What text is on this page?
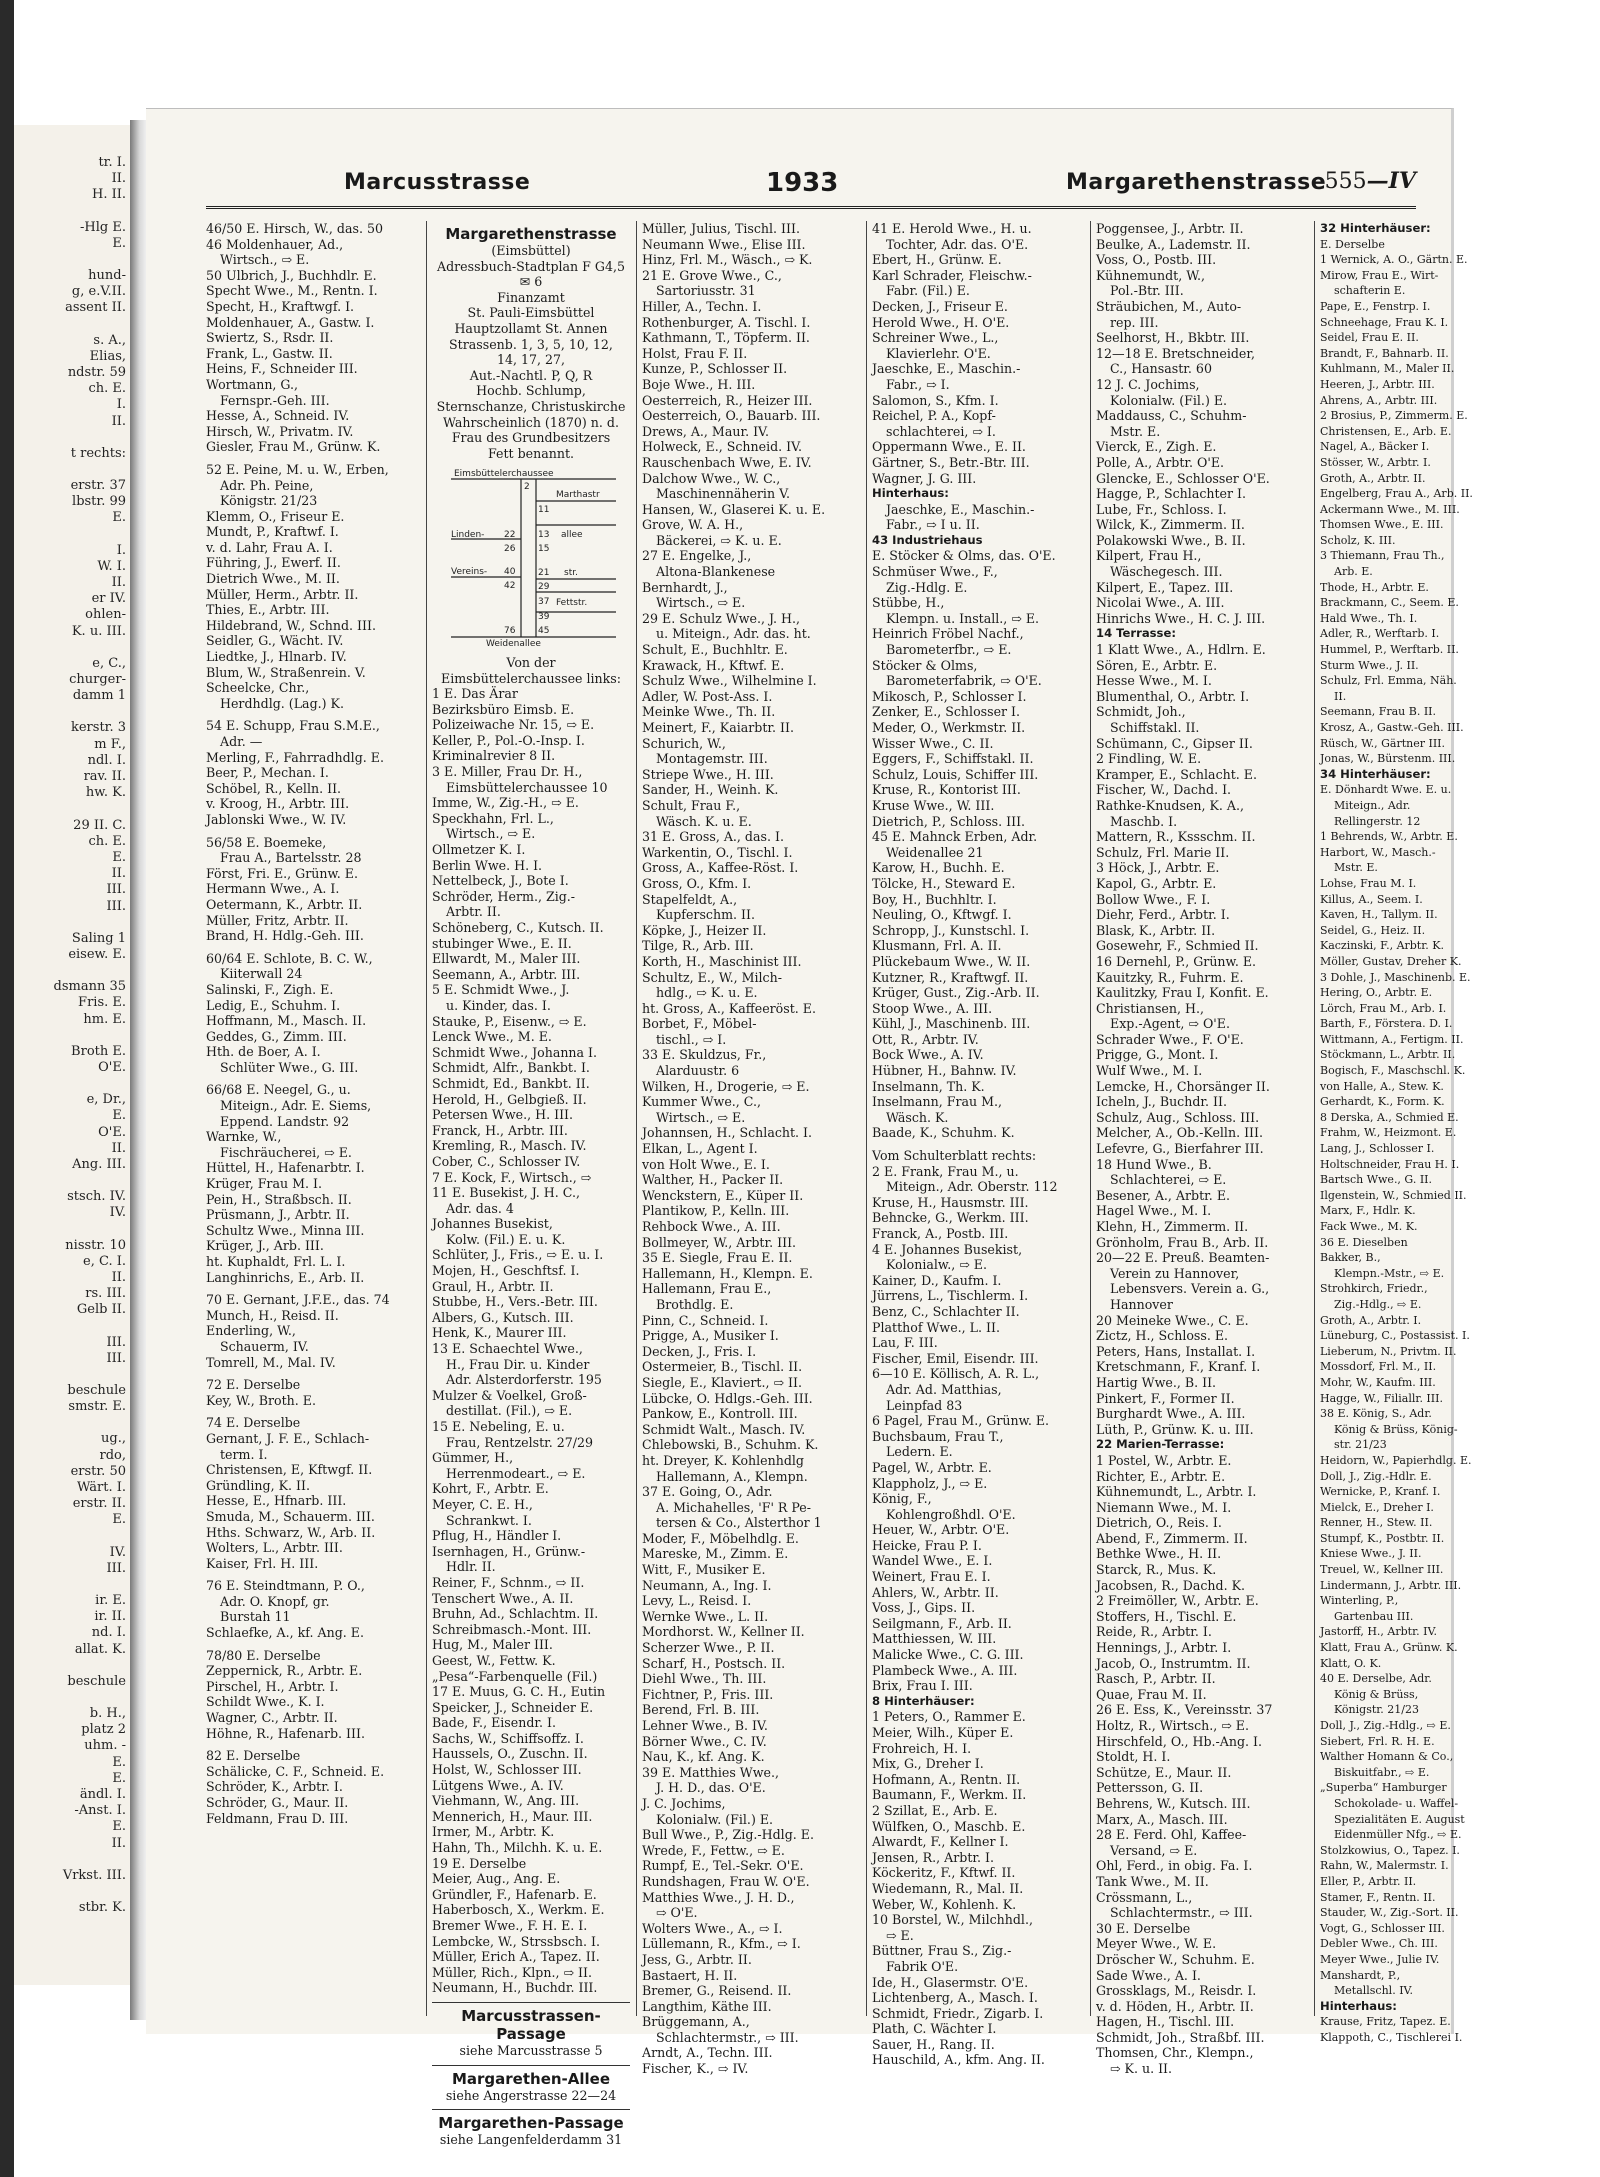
tr. I.
II.
H. II.
-Hlg E.
E.
hund-
g, e.V.II.
assent II.
s. A.,
Elias,
ndstr. 59
ch. E.
I.
II.
t rechts:
erstr. 37
lbstr. 99
E.
I.
W. I.
II.
er IV.
ohlen-
K. u. III.
e, C.,
churger-
damm 1
kerstr. 3
m F.,
ndl. I.
rav. II.
hw. K.
29 II. C.
ch. E.
E.
II.
III.
III.
Saling 1
eisew. E.
dsmann 35
Fris. E.
hm. E.
Broth E.
O'E.
e, Dr.,
E.
O'E.
II.
Ang. III.
stsch. IV.
IV.
nisstr. 10
e, C. I.
II.
rs. III.
Gelb II.
III.
III.
beschule
smstr. E.
ug.,
rdo,
erstr. 50
Wärt. I.
erstr. II.
E.
IV.
III.
ir. E.
ir. II.
nd. I.
allat. K.
beschule
b. H.,
platz 2
uhm. -
E.
E.
ändl. I.
-Anst. I.
E.
II.
Vrkst. III.
stbr. K.
Marcusstrasse	1933	Margarethenstrasse
555—IV
46/50 E. Hirsch, W., das. 50
46 Moldenhauer, Ad.,
Wirtsch., ⇨ E.
50 Ulbrich, J., Buchhdlr. E.
Specht Wwe., M., Rentn. I.
Specht, H., Kraftwgf. I.
Moldenhauer, A., Gastw. I.
Swiertz, S., Rsdr. II.
Frank, L., Gastw. II.
Heins, F., Schneider III.
Wortmann, G.,
Fernspr.-Geh. III.
Hesse, A., Schneid. IV.
Hirsch, W., Privatm. IV.
Giesler, Frau M., Grünw. K.
52 E. Peine, M. u. W., Erben,
Adr. Ph. Peine,
Königstr. 21/23
Klemm, O., Friseur E.
Mundt, P., Kraftwf. I.
v. d. Lahr, Frau A. I.
Führing, J., Ewerf. II.
Dietrich Wwe., M. II.
Müller, Herm., Arbtr. II.
Thies, E., Arbtr. III.
Hildebrand, W., Schnd. III.
Seidler, G., Wächt. IV.
Liedtke, J., Hlnarb. IV.
Blum, W., Straßenrein. V.
Scheelcke, Chr.,
Herdhdlg. (Lag.) K.
54 E. Schupp, Frau S.M.E.,
Adr. —
Merling, F., Fahrradhdlg. E.
Beer, P., Mechan. I.
Schöbel, R., Kelln. II.
v. Kroog, H., Arbtr. III.
Jablonski Wwe., W. IV.
56/58 E. Boemeke,
Frau A., Bartelsstr. 28
Först, Fri. E., Grünw. E.
Hermann Wwe., A. I.
Oetermann, K., Arbtr. II.
Müller, Fritz, Arbtr. II.
Brand, H. Hdlg.-Geh. III.
60/64 E. Schlote, B. C. W.,
Kiiterwall 24
Salinski, F., Zigh. E.
Ledig, E., Schuhm. I.
Hoffmann, M., Masch. II.
Geddes, G., Zimm. III.
Hth. de Boer, A. I.
Schlüter Wwe., G. III.
66/68 E. Neegel, G., u.
Miteign., Adr. E. Siems,
Eppend. Landstr. 92
Warnke, W.,
Fischräucherei, ⇨ E.
Hüttel, H., Hafenarbtr. I.
Krüger, Frau M. I.
Pein, H., Straßbsch. II.
Prüsmann, J., Arbtr. II.
Schultz Wwe., Minna III.
Krüger, J., Arb. III.
ht. Kuphaldt, Frl. L. I.
Langhinrichs, E., Arb. II.
70 E. Gernant, J.F.E., das. 74
Munch, H., Reisd. II.
Enderling, W.,
Schauerm, IV.
Tomrell, M., Mal. IV.
72 E. Derselbe
Key, W., Broth. E.
74 E. Derselbe
Gernant, J. F. E., Schlach-
term. I.
Christensen, E, Kftwgf. II.
Gründling, K. II.
Hesse, E., Hfnarb. III.
Smuda, M., Schauerm. III.
Hths. Schwarz, W., Arb. II.
Wolters, L., Arbtr. III.
Kaiser, Frl. H. III.
76 E. Steindtmann, P. O.,
Adr. O. Knopf, gr.
Burstah 11
Schlaefke, A., kf. Ang. E.
78/80 E. Derselbe
Zeppernick, R., Arbtr. E.
Pirschel, H., Arbtr. I.
Schildt Wwe., K. I.
Wagner, C., Arbtr. II.
Höhne, R., Hafenarb. III.
82 E. Derselbe
Schälicke, C. F., Schneid. E.
Schröder, K., Arbtr. I.
Schröder, G., Maur. II.
Feldmann, Frau D. III.
Margarethenstrasse
(Eimsbüttel)
Adressbuch-Stadtplan F G4,5
✉ 6
Finanzamt
St. Pauli-Eimsbüttel
Hauptzollamt St. Annen
Strassenb. 1, 3, 5, 10, 12,
14, 17, 27,
Aut.-Nachtl. P, Q, R
Hochb. Schlump,
Sternschanze, Christuskirche
Wahrscheinlich (1870) n. d.
Frau des Grundbesitzers
Fett benannt.
Eimsbüttelerchaussee
Marthastr
allee
str.
Fettstr.
Weidenallee
Linden-
Vereins-
2
11
13
15
21
29
37
39
45
22
26
40
42
76
Von der
Eimsbüttelerchaussee links:
1 E. Das Ärar
Bezirksbüro Eimsb. E.
Polizeiwache Nr. 15, ⇨ E.
Keller, P., Pol.-O.-Insp. I.
Kriminalrevier 8 II.
3 E. Miller, Frau Dr. H.,
Eimsbüttelerchaussee 10
Imme, W., Zig.-H., ⇨ E.
Speckhahn, Frl. L.,
Wirtsch., ⇨ E.
Ollmetzer K. I.
Berlin Wwe. H. I.
Nettelbeck, J., Bote I.
Schröder, Herm., Zig.-
Arbtr. II.
Schöneberg, C., Kutsch. II.
stubinger Wwe., E. II.
Ellwardt, M., Maler III.
Seemann, A., Arbtr. III.
5 E. Schmidt Wwe., J.
u. Kinder, das. I.
Stauke, P., Eisenw., ⇨ E.
Lenck Wwe., M. E.
Schmidt Wwe., Johanna I.
Schmidt, Alfr., Bankbt. I.
Schmidt, Ed., Bankbt. II.
Herold, H., Gelbgieß. II.
Petersen Wwe., H. III.
Franck, H., Arbtr. III.
Kremling, R., Masch. IV.
Cober, C., Schlosser IV.
7 E. Kock, F., Wirtsch., ⇨
11 E. Busekist, J. H. C.,
Adr. das. 4
Johannes Busekist,
Kolw. (Fil.) E. u. K.
Schlüter, J., Fris., ⇨ E. u. I.
Mojen, H., Geschftsf. I.
Graul, H., Arbtr. II.
Stubbe, H., Vers.-Betr. III.
Albers, G., Kutsch. III.
Henk, K., Maurer III.
13 E. Schaechtel Wwe.,
H., Frau Dir. u. Kinder
Adr. Alsterdorferstr. 195
Mulzer & Voelkel, Groß-
destillat. (Fil.), ⇨ E.
15 E. Nebeling, E. u.
Frau, Rentzelstr. 27/29
Gümmer, H.,
Herrenmodeart., ⇨ E.
Kohrt, F., Arbtr. E.
Meyer, C. E. H.,
Schrankwt. I.
Pflug, H., Händler I.
Isernhagen, H., Grünw.-
Hdlr. II.
Reiner, F., Schnm., ⇨ II.
Tenschert Wwe., A. II.
Bruhn, Ad., Schlachtm. II.
Schreibmasch.-Mont. III.
Hug, M., Maler III.
Geest, W., Fettw. K.
„Pesa“-Farbenquelle (Fil.)
17 E. Muus, G. C. H., Eutin
Speicker, J., Schneider E.
Bade, F., Eisendr. I.
Sachs, W., Schiffsoffz. I.
Haussels, O., Zuschn. II.
Holst, W., Schlosser III.
Lütgens Wwe., A. IV.
Viehmann, W., Ang. III.
Mennerich, H., Maur. III.
Irmer, M., Arbtr. K.
Hahn, Th., Milchh. K. u. E.
19 E. Derselbe
Meier, Aug., Ang. E.
Gründler, F., Hafenarb. E.
Haberbosch, X., Werkm. E.
Bremer Wwe., F. H. E. I.
Lembcke, W., Strssbsch. I.
Müller, Erich A., Tapez. II.
Müller, Rich., Klpn., ⇨ II.
Neumann, H., Buchdr. III.
Marcusstrassen-Passage
siehe Marcusstrasse 5
Margarethen-Allee
siehe Angerstrasse 22—24
Margarethen-Passage
siehe Langenfelderdamm 31
Müller, Julius, Tischl. III.
Neumann Wwe., Elise III.
Hinz, Frl. M., Wäsch., ⇨ K.
21 E. Grove Wwe., C.,
Sartoriusstr. 31
Hiller, A., Techn. I.
Rothenburger, A. Tischl. I.
Kathmann, T., Töpferm. II.
Holst, Frau F. II.
Kunze, P., Schlosser II.
Boje Wwe., H. III.
Oesterreich, R., Heizer III.
Oesterreich, O., Bauarb. III.
Drews, A., Maur. IV.
Holweck, E., Schneid. IV.
Rauschenbach Wwe, E. IV.
Dalchow Wwe., W. C.,
Maschinennäherin V.
Hansen, W., Glaserei K. u. E.
Grove, W. A. H.,
Bäckerei, ⇨ K. u. E.
27 E. Engelke, J.,
Altona-Blankenese
Bernhardt, J.,
Wirtsch., ⇨ E.
29 E. Schulz Wwe., J. H.,
u. Miteign., Adr. das. ht.
Schult, E., Buchhltr. E.
Krawack, H., Kftwf. E.
Schulz Wwe., Wilhelmine I.
Adler, W. Post-Ass. I.
Meinke Wwe., Th. II.
Meinert, F., Kaiarbtr. II.
Schurich, W.,
Montagemstr. III.
Striepe Wwe., H. III.
Sander, H., Weinh. K.
Schult, Frau F.,
Wäsch. K. u. E.
31 E. Gross, A., das. I.
Warkentin, O., Tischl. I.
Gross, A., Kaffee-Röst. I.
Gross, O., Kfm. I.
Stapelfeldt, A.,
Kupferschm. II.
Köpke, J., Heizer II.
Tilge, R., Arb. III.
Korth, H., Maschinist III.
Schultz, E., W., Milch-
hdlg., ⇨ K. u. E.
ht. Gross, A., Kaffeeröst. E.
Borbet, F., Möbel-
tischl., ⇨ I.
33 E. Skuldzus, Fr.,
Alarduustr. 6
Wilken, H., Drogerie, ⇨ E.
Kummer Wwe., C.,
Wirtsch., ⇨ E.
Johannsen, H., Schlacht. I.
Elkan, L., Agent I.
von Holt Wwe., E. I.
Walther, H., Packer II.
Wenckstern, E., Küper II.
Plantikow, P., Kelln. III.
Rehbock Wwe., A. III.
Bollmeyer, W., Arbtr. III.
35 E. Siegle, Frau E. II.
Hallemann, H., Klempn. E.
Hallemann, Frau E.,
Brothdlg. E.
Pinn, C., Schneid. I.
Prigge, A., Musiker I.
Decken, J., Fris. I.
Ostermeier, B., Tischl. II.
Siegle, E., Klaviert., ⇨ II.
Lübcke, O. Hdlgs.-Geh. III.
Pankow, E., Kontroll. III.
Schmidt Walt., Masch. IV.
Chlebowski, B., Schuhm. K.
ht. Dreyer, K. Kohlenhdlg
Hallemann, A., Klempn.
37 E. Going, O., Adr.
A. Michahelles, 'F' R Pe-
tersen & Co., Alsterthor 1
Moder, F., Möbelhdlg. E.
Mareske, M., Zimm. E.
Witt, F., Musiker E.
Neumann, A., Ing. I.
Levy, L., Reisd. I.
Wernke Wwe., L. II.
Mordhorst. W., Kellner II.
Scherzer Wwe., P. II.
Scharf, H., Postsch. II.
Diehl Wwe., Th. III.
Fichtner, P., Fris. III.
Berend, Frl. B. III.
Lehner Wwe., B. IV.
Börner Wwe., C. IV.
Nau, K., kf. Ang. K.
39 E. Matthies Wwe.,
J. H. D., das. O'E.
J. C. Jochims,
Kolonialw. (Fil.) E.
Bull Wwe., P., Zig.-Hdlg. E.
Wrede, F., Fettw., ⇨ E.
Rumpf, E., Tel.-Sekr. O'E.
Rundshagen, Frau W. O'E.
Matthies Wwe., J. H. D.,
⇨ O'E.
Wolters Wwe., A., ⇨ I.
Lüllemann, R., Kfm., ⇨ I.
Jess, G., Arbtr. II.
Bastaert, H. II.
Bremer, G., Reisend. II.
Langthim, Käthe III.
Brüggemann, A.,
Schlachtermstr., ⇨ III.
Arndt, A., Techn. III.
Fischer, K., ⇨ IV.
41 E. Herold Wwe., H. u.
Tochter, Adr. das. O'E.
Ebert, H., Grünw. E.
Karl Schrader, Fleischw.-
Fabr. (Fil.) E.
Decken, J., Friseur E.
Herold Wwe., H. O'E.
Schreiner Wwe., L.,
Klavierlehr. O'E.
Jaeschke, E., Maschin.-
Fabr., ⇨ I.
Salomon, S., Kfm. I.
Reichel, P. A., Kopf-
schlachterei, ⇨ I.
Oppermann Wwe., E. II.
Gärtner, S., Betr.-Btr. III.
Wagner, J. G. III.
Hinterhaus:
Jaeschke, E., Maschin.-
Fabr., ⇨ I u. II.
43 Industriehaus
E. Stöcker & Olms, das. O'E.
Schmüser Wwe., F.,
Zig.-Hdlg. E.
Stübbe, H.,
Klempn. u. Install., ⇨ E.
Heinrich Fröbel Nachf.,
Barometerfbr., ⇨ E.
Stöcker & Olms,
Barometerfabrik, ⇨ O'E.
Mikosch, P., Schlosser I.
Zenker, E., Schlosser I.
Meder, O., Werkmstr. II.
Wisser Wwe., C. II.
Eggers, F., Schiffstakl. II.
Schulz, Louis, Schiffer III.
Kruse, R., Kontorist III.
Kruse Wwe., W. III.
Dietrich, P., Schloss. III.
45 E. Mahnck Erben, Adr.
Weidenallee 21
Karow, H., Buchh. E.
Tölcke, H., Steward E.
Boy, H., Buchhltr. I.
Neuling, O., Kftwgf. I.
Schropp, J., Kunstschl. I.
Klusmann, Frl. A. II.
Plückebaum Wwe., W. II.
Kutzner, R., Kraftwgf. II.
Krüger, Gust., Zig.-Arb. II.
Stoop Wwe., A. III.
Kühl, J., Maschinenb. III.
Ott, R., Arbtr. IV.
Bock Wwe., A. IV.
Hübner, H., Bahnw. IV.
Inselmann, Th. K.
Inselmann, Frau M.,
Wäsch. K.
Baade, K., Schuhm. K.
Vom Schulterblatt rechts:
2 E. Frank, Frau M., u.
Miteign., Adr. Oberstr. 112
Kruse, H., Hausmstr. III.
Behncke, G., Werkm. III.
Franck, A., Postb. III.
4 E. Johannes Busekist,
Kolonialw., ⇨ E.
Kainer, D., Kaufm. I.
Jürrens, L., Tischlerm. I.
Benz, C., Schlachter II.
Platthof Wwe., L. II.
Lau, F. III.
Fischer, Emil, Eisendr. III.
6—10 E. Köllisch, A. R. L.,
Adr. Ad. Matthias,
Leinpfad 83
6 Pagel, Frau M., Grünw. E.
Buchsbaum, Frau T.,
Ledern. E.
Pagel, W., Arbtr. E.
Klappholz, J., ⇨ E.
König, F.,
Kohlengroßhdl. O'E.
Heuer, W., Arbtr. O'E.
Heicke, Frau P. I.
Wandel Wwe., E. I.
Weinert, Frau E. I.
Ahlers, W., Arbtr. II.
Voss, J., Gips. II.
Seilgmann, F., Arb. II.
Matthiessen, W. III.
Malicke Wwe., C. G. III.
Plambeck Wwe., A. III.
Brix, Frau I. III.
8 Hinterhäuser:
1 Peters, O., Rammer E.
Meier, Wilh., Küper E.
Frohreich, H. I.
Mix, G., Dreher I.
Hofmann, A., Rentn. II.
Baumann, F., Werkm. II.
2 Szillat, E., Arb. E.
Wülfken, O., Maschb. E.
Alwardt, F., Kellner I.
Jensen, R., Arbtr. I.
Köckeritz, F., Kftwf. II.
Wiedemann, R., Mal. II.
Weber, W., Kohlenh. K.
10 Borstel, W., Milchhdl.,
⇨ E.
Büttner, Frau S., Zig.-
Fabrik O'E.
Ide, H., Glasermstr. O'E.
Lichtenberg, A., Masch. I.
Schmidt, Friedr., Zigarb. I.
Plath, C. Wächter I.
Sauer, H., Rang. II.
Hauschild, A., kfm. Ang. II.
Poggensee, J., Arbtr. II.
Beulke, A., Lademstr. II.
Voss, O., Postb. III.
Kühnemundt, W.,
Pol.-Btr. III.
Sträubichen, M., Auto-
rep. III.
Seelhorst, H., Bkbtr. III.
12—18 E. Bretschneider,
C., Hansastr. 60
12 J. C. Jochims,
Kolonialw. (Fil.) E.
Maddauss, C., Schuhm-
Mstr. E.
Vierck, E., Zigh. E.
Polle, A., Arbtr. O'E.
Glencke, E., Schlosser O'E.
Hagge, P., Schlachter I.
Lube, Fr., Schloss. I.
Wilck, K., Zimmerm. II.
Polakowski Wwe., B. II.
Kilpert, Frau H.,
Wäschegesch. III.
Kilpert, E., Tapez. III.
Nicolai Wwe., A. III.
Hinrichs Wwe., H. C. J. III.
14 Terrasse:
1 Klatt Wwe., A., Hdlrn. E.
Sören, E., Arbtr. E.
Hesse Wwe., M. I.
Blumenthal, O., Arbtr. I.
Schmidt, Joh.,
Schiffstakl. II.
Schümann, C., Gipser II.
2 Findling, W. E.
Kramper, E., Schlacht. E.
Fischer, W., Dachd. I.
Rathke-Knudsen, K. A.,
Maschb. I.
Mattern, R., Kssschm. II.
Schulz, Frl. Marie II.
3 Höck, J., Arbtr. E.
Kapol, G., Arbtr. E.
Bollow Wwe., F. I.
Diehr, Ferd., Arbtr. I.
Blask, K., Arbtr. II.
Gosewehr, F., Schmied II.
16 Dernehl, P., Grünw. E.
Kauitzky, R., Fuhrm. E.
Kaulitzky, Frau I, Konfit. E.
Christiansen, H.,
Exp.-Agent, ⇨ O'E.
Schrader Wwe., F. O'E.
Prigge, G., Mont. I.
Wulf Wwe., M. I.
Lemcke, H., Chorsänger II.
Icheln, J., Buchdr. II.
Schulz, Aug., Schloss. III.
Melcher, A., Ob.-Kelln. III.
Lefevre, G., Bierfahrer III.
18 Hund Wwe., B.
Schlachterei, ⇨ E.
Besener, A., Arbtr. E.
Hagel Wwe., M. I.
Klehn, H., Zimmerm. II.
Grönholm, Frau B., Arb. II.
20—22 E. Preuß. Beamten-
Verein zu Hannover,
Lebensvers. Verein a. G.,
Hannover
20 Meineke Wwe., C. E.
Zictz, H., Schloss. E.
Peters, Hans, Installat. I.
Kretschmann, F., Kranf. I.
Hartig Wwe., B. II.
Pinkert, F., Former II.
Burghardt Wwe., A. III.
Lüth, P., Grünw. K. u. III.
22 Marien-Terrasse:
1 Postel, W., Arbtr. E.
Richter, E., Arbtr. E.
Kühnemundt, L., Arbtr. I.
Niemann Wwe., M. I.
Dietrich, O., Reis. I.
Abend, F., Zimmerm. II.
Bethke Wwe., H. II.
Starck, R., Mus. K.
Jacobsen, R., Dachd. K.
2 Freimöller, W., Arbtr. E.
Stoffers, H., Tischl. E.
Reide, R., Arbtr. I.
Hennings, J., Arbtr. I.
Jacob, O., Instrumtm. II.
Rasch, P., Arbtr. II.
Quae, Frau M. II.
26 E. Ess, K., Vereinsstr. 37
Holtz, R., Wirtsch., ⇨ E.
Hirschfeld, O., Hb.-Ang. I.
Stoldt, H. I.
Schütze, E., Maur. II.
Pettersson, G. II.
Behrens, W., Kutsch. III.
Marx, A., Masch. III.
28 E. Ferd. Ohl, Kaffee-
Versand, ⇨ E.
Ohl, Ferd., in obig. Fa. I.
Tank Wwe., M. II.
Crössmann, L.,
Schlachtermstr., ⇨ III.
30 E. Derselbe
Meyer Wwe., W. E.
Dröscher W., Schuhm. E.
Sade Wwe., A. I.
Grossklags, M., Reisdr. I.
v. d. Höden, H., Arbtr. II.
Hagen, H., Tischl. III.
Schmidt, Joh., Straßbf. III.
Thomsen, Chr., Klempn.,
⇨ K. u. II.
32 Hinterhäuser:
E. Derselbe
1 Wernick, A. O., Gärtn. E.
Mirow, Frau E., Wirt-
schafterin E.
Pape, E., Fenstrp. I.
Schneehage, Frau K. I.
Seidel, Frau E. II.
Brandt, F., Bahnarb. II.
Kuhlmann, M., Maler II.
Heeren, J., Arbtr. III.
Ahrens, A., Arbtr. III.
2 Brosius, P., Zimmerm. E.
Christensen, E., Arb. E.
Nagel, A., Bäcker I.
Stösser, W., Arbtr. I.
Groth, A., Arbtr. II.
Engelberg, Frau A., Arb. II.
Ackermann Wwe., M. III.
Thomsen Wwe., E. III.
Scholz, K. III.
3 Thiemann, Frau Th.,
Arb. E.
Thode, H., Arbtr. E.
Brackmann, C., Seem. E.
Hald Wwe., Th. I.
Adler, R., Werftarb. I.
Hummel, P., Werftarb. II.
Sturm Wwe., J. II.
Schulz, Frl. Emma, Näh.
II.
Seemann, Frau B. II.
Krosz, A., Gastw.-Geh. III.
Rüsch, W., Gärtner III.
Jonas, W., Bürstenm. III.
34 Hinterhäuser:
E. Dönhardt Wwe. E. u.
Miteign., Adr.
Rellingerstr. 12
1 Behrends, W., Arbtr. E.
Harbort, W., Masch.-
Mstr. E.
Lohse, Frau M. I.
Killus, A., Seem. I.
Kaven, H., Tallym. II.
Seidel, G., Heiz. II.
Kaczinski, F., Arbtr. K.
Möller, Gustav, Dreher K.
3 Dohle, J., Maschinenb. E.
Hering, O., Arbtr. E.
Lörch, Frau M., Arb. I.
Barth, F., Förstera. D. I.
Wittmann, A., Fertigm. II.
Stöckmann, L., Arbtr. II.
Bogisch, F., Maschschl. K.
von Halle, A., Stew. K.
Gerhardt, K., Form. K.
8 Derska, A., Schmied E.
Frahm, W., Heizmont. E.
Lang, J., Schlosser I.
Holtschneider, Frau H. I.
Bartsch Wwe., G. II.
Ilgenstein, W., Schmied II.
Marx, F., Hdlr. K.
Fack Wwe., M. K.
36 E. Dieselben
Bakker, B.,
Klempn.-Mstr., ⇨ E.
Strohkirch, Friedr.,
Zig.-Hdlg., ⇨ E.
Groth, A., Arbtr. I.
Lüneburg, C., Postassist. I.
Lieberum, N., Privtm. II.
Mossdorf, Frl. M., II.
Mohr, W., Kaufm. III.
Hagge, W., Filiallr. III.
38 E. König, S., Adr.
König & Brüss, König-
str. 21/23
Heidorn, W., Papierhdlg. E.
Doll, J., Zig.-Hdlr. E.
Wernicke, P., Kranf. I.
Mielck, E., Dreher I.
Renner, H., Stew. II.
Stumpf, K., Postbtr. II.
Kniese Wwe., J. II.
Treuel, W., Kellner III.
Lindermann, J., Arbtr. III.
Winterling, P.,
Gartenbau III.
Jastorff, H., Arbtr. IV.
Klatt, Frau A., Grünw. K.
Klatt, O. K.
40 E. Derselbe, Adr.
König & Brüss,
Königstr. 21/23
Doll, J., Zig.-Hdlg., ⇨ E.
Siebert, Frl. R. H. E.
Walther Homann & Co.,
Biskuitfabr., ⇨ E.
„Superba“ Hamburger
Schokolade- u. Waffel-
Spezialitäten E. August
Eidenmüller Nfg., ⇨ E.
Stolzkowius, O., Tapez. I.
Rahn, W., Malermstr. I.
Eller, P., Arbtr. II.
Stamer, F., Rentn. II.
Stauder, W., Zig.-Sort. II.
Vogt, G., Schlosser III.
Debler Wwe., Ch. III.
Meyer Wwe., Julie IV.
Manshardt, P.,
Metallschl. IV.
Hinterhaus:
Krause, Fritz, Tapez. E.
Klappoth, C., Tischlerei I.
